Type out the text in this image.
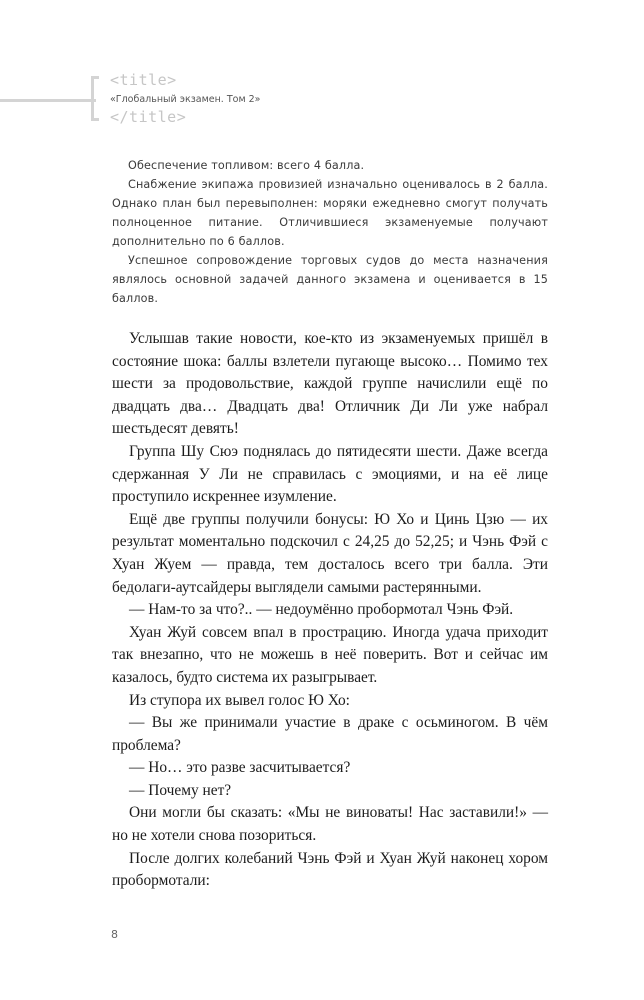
<title>
«Глобальный экзамен. Том 2»
</title>

Обеспечение топливом: всего 4 балла.

Снабжение экипажа провизией изначально оценивалось в 2 балла. Однако план был перевыполнен: моряки ежедневно смогут получать полноценное питание. Отличившиеся экзаменуемые получают дополнительно по 6 баллов.

Успешное сопровождение торговых судов до места назначения являлось основной задачей данного экзамена и оценивается в 15 баллов.

Услышав такие новости, кое-кто из экзаменуемых пришёл в состояние шока: баллы взлетели пугающе высоко… Помимо тех шести за продовольствие, каждой группе начислили ещё по двадцать два… Двадцать два! Отличник Ди Ли уже набрал шестьдесят девять!

Группа Шу Сюэ поднялась до пятидесяти шести. Даже всегда сдержанная У Ли не справилась с эмоциями, и на её лице проступило искреннее изумление.

Ещё две группы получили бонусы: Ю Хо и Цинь Цзю — их результат моментально подскочил с 24,25 до 52,25; и Чэнь Фэй с Хуан Жуем — правда, тем досталось всего три балла. Эти бедолаги-аутсайдеры выглядели самыми растерянными.

— Нам-то за что?.. — недоумённо пробормотал Чэнь Фэй.

Хуан Жуй совсем впал в прострацию. Иногда удача приходит так внезапно, что не можешь в неё поверить. Вот и сейчас им казалось, будто система их разыгрывает.

Из ступора их вывел голос Ю Хо:

— Вы же принимали участие в драке с осьминогом. В чём проблема?

— Но… это разве засчитывается?

— Почему нет?

Они могли бы сказать: «Мы не виноваты! Нас заставили!» — но не хотели снова позориться.

После долгих колебаний Чэнь Фэй и Хуан Жуй наконец хором пробормотали:

8
